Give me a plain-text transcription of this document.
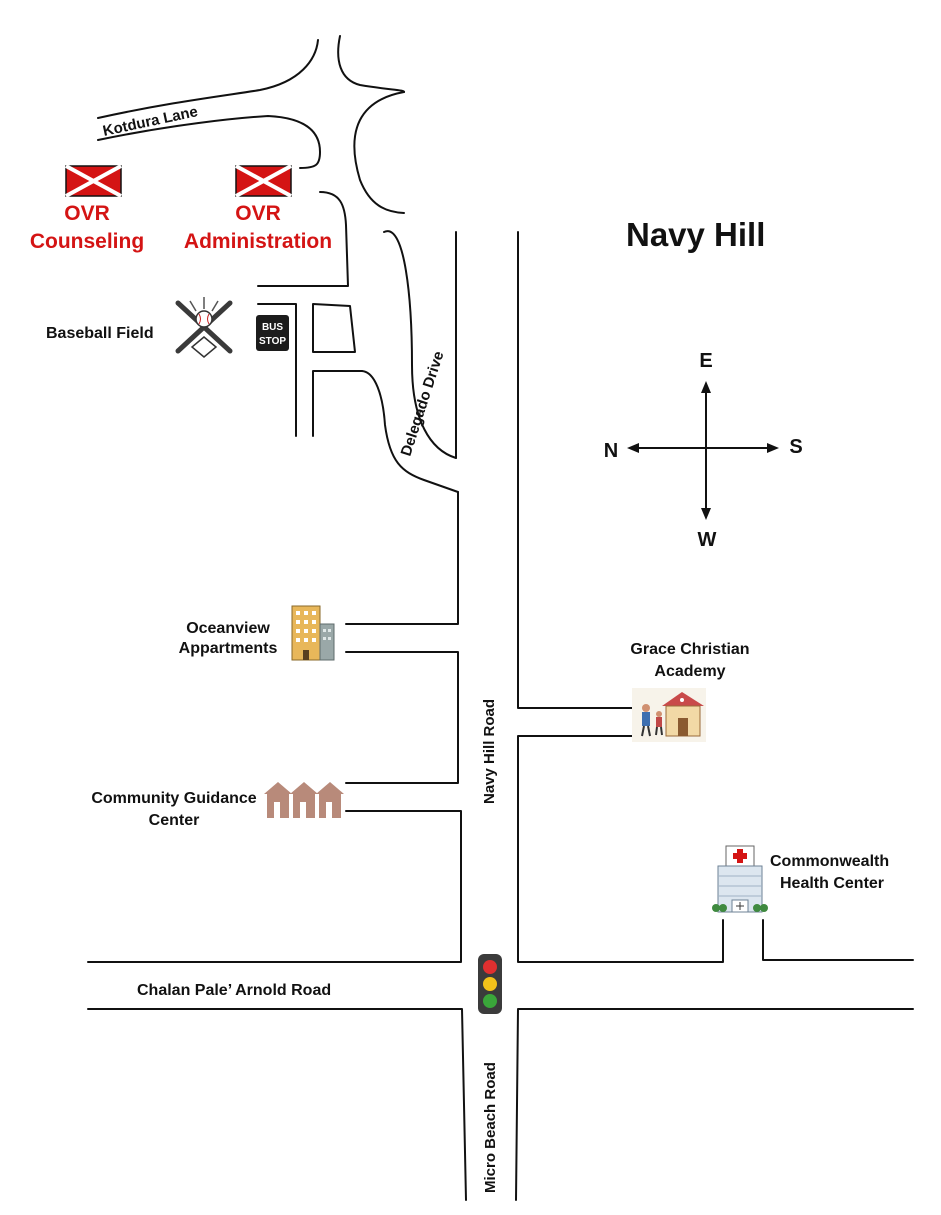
Kotdura Lane
Delegado Drive
Navy Hill Road
Chalan Pale’ Arnold Road
Micro Beach Road
Navy Hill
OVR
Counseling
OVR
Administration
Baseball Field	BUS
STOP
E
W
N	S
Oceanview
Appartments
Community Guidance
Center
Grace Christian
Academy
Commonwealth
Health Center
